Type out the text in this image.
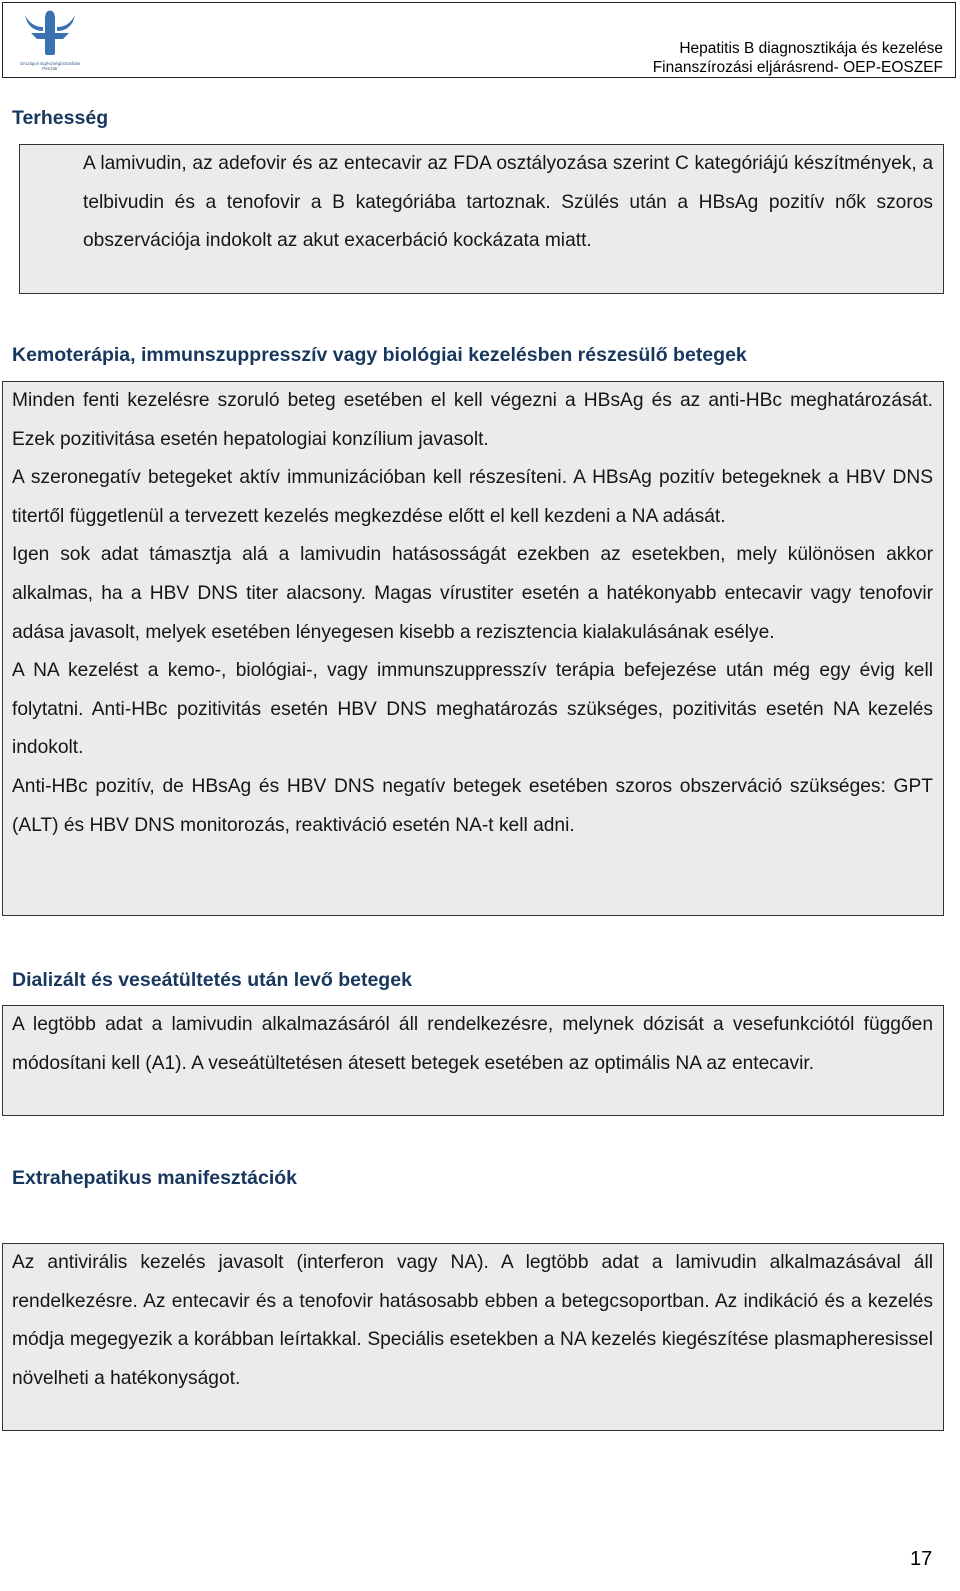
Országos Egészségbiztosítási
Pénztár
Hepatitis B diagnosztikája és kezelése
Finanszírozási eljárásrend- OEP-EOSZEF
Terhesség

A lamivudin, az adefovir és az entecavir az FDA osztályozása szerint C kategóriájú készítmények, a telbivudin és a tenofovir a B kategóriába tartoznak. Szülés után a HBsAg pozitív nők szoros obszervációja indokolt az akut exacerbáció kockázata miatt.

Kemoterápia, immunszuppresszív vagy biológiai kezelésben részesülő betegek

Minden fenti kezelésre szoruló beteg esetében el kell végezni a HBsAg és az anti-HBc meghatározását. Ezek pozitivitása esetén hepatologiai konzílium javasolt.

A szeronegatív betegeket aktív immunizációban kell részesíteni. A HBsAg pozitív betegeknek a HBV DNS titertől függetlenül a tervezett kezelés megkezdése előtt el kell kezdeni a NA adását.

Igen sok adat támasztja alá a lamivudin hatásosságát ezekben az esetekben, mely különösen akkor alkalmas, ha a HBV DNS titer alacsony. Magas vírustiter esetén a hatékonyabb entecavir vagy tenofovir adása javasolt, melyek esetében lényegesen kisebb a rezisztencia kialakulásának esélye.

A NA kezelést a kemo-, biológiai-, vagy immunszuppresszív terápia befejezése után még egy évig kell folytatni. Anti-HBc pozitivitás esetén HBV DNS meghatározás szükséges, pozitivitás esetén NA kezelés indokolt.

Anti-HBc pozitív, de HBsAg és HBV DNS negatív betegek esetében szoros obszerváció szükséges: GPT (ALT) és HBV DNS monitorozás, reaktiváció esetén NA-t kell adni.

Dializált és veseátültetés után levő betegek

A legtöbb adat a lamivudin alkalmazásáról áll rendelkezésre, melynek dózisát a vesefunkciótól függően módosítani kell (A1). A veseátültetésen átesett betegek esetében az optimális NA az entecavir.

Extrahepatikus manifesztációk

Az antivirális kezelés javasolt (interferon vagy NA). A legtöbb adat a lamivudin alkalmazásával áll rendelkezésre. Az entecavir és a tenofovir hatásosabb ebben a betegcsoportban. Az indikáció és a kezelés módja megegyezik a korábban leírtakkal. Speciális esetekben a NA kezelés kiegészítése plasmapheresissel növelheti a hatékonyságot.

17
